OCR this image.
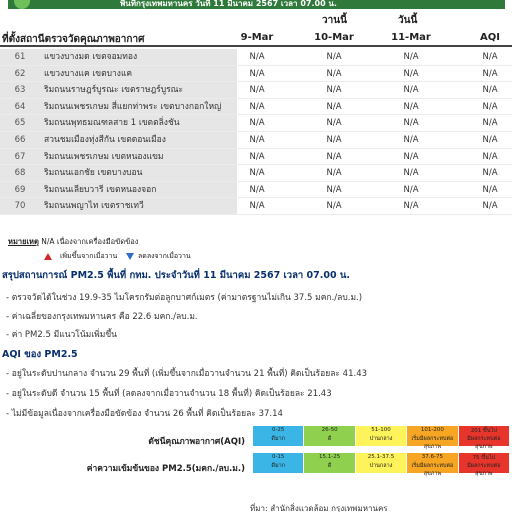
พื้นที่กรุงเทพมหานคร วันที่ 11 มีนาคม 2567 เวลา 07.00 น.
วานนี้	วันนี้
ที่ตั้งสถานีตรวจวัดคุณภาพอากาศ	9-Mar	10-Mar	11-Mar	AQI
61	แขวงบางมด เขตจอมทอง	N/A	N/A	N/A	N/A
62	แขวงบางแค เขตบางแค	N/A	N/A	N/A	N/A
63	ริมถนนราษฎร์บูรณะ เขตราษฎร์บูรณะ	N/A	N/A	N/A	N/A
64	ริมถนนเพชรเกษม สี่แยกท่าพระ เขตบางกอกใหญ่	N/A	N/A	N/A	N/A
65	ริมถนนพุทธมณฑลสาย 1 เขตตลิ่งชัน	N/A	N/A	N/A	N/A
66	สวนชมเมืองทุ่งสีกัน เขตดอนเมือง	N/A	N/A	N/A	N/A
67	ริมถนนเพชรเกษม เขตหนองแขม	N/A	N/A	N/A	N/A
68	ริมถนนเอกชัย เขตบางบอน	N/A	N/A	N/A	N/A
69	ริมถนนเลียบวารี เขตหนองจอก	N/A	N/A	N/A	N/A
70	ริมถนนพญาไท เขตราชเทวี	N/A	N/A	N/A	N/A
หมายเหตุ N/A เนื่องจากเครื่องมือขัดข้อง
เพิ่มขึ้นจากเมื่อวาน	ลดลงจากเมื่อวาน
สรุปสถานการณ์ PM2.5 พื้นที่ กทม. ประจำวันที่ 11 มีนาคม 2567 เวลา 07.00 น.
- ตรวจวัดได้ในช่วง 19.9-35 ไมโครกรัมต่อลูกบาศก์เมตร (ค่ามาตรฐานไม่เกิน 37.5 มคก./ลบ.ม.)
- ค่าเฉลี่ยของกรุงเทพมหานคร คือ 22.6 มคก./ลบ.ม.
- ค่า PM2.5 มีแนวโน้มเพิ่มขึ้น
AQI ของ PM2.5
- อยู่ในระดับปานกลาง จำนวน 29 พื้นที่ (เพิ่มขึ้นจากเมื่อวานจำนวน 21 พื้นที่) คิดเป็นร้อยละ 41.43
- อยู่ในระดับดี จำนวน 15 พื้นที่ (ลดลงจากเมื่อวานจำนวน 18 พื้นที่) คิดเป็นร้อยละ 21.43
- ไม่มีข้อมูลเนื่องจากเครื่องมือขัดข้อง จำนวน 26 พื้นที่ คิดเป็นร้อยละ 37.14
ดัชนีคุณภาพอากาศ(AQI)
0-25
ดีมาก
26-50
ดี
51-100
ปานกลาง
101-200
เริ่มมีผลกระทบต่อสุขภาพ
201 ขึ้นไป
มีผลกระทบต่อสุขภาพ
ค่าความเข้มข้นของ PM2.5(มคก./ลบ.ม.)
0-15
ดีมาก
15.1-25
ดี
25.1-37.5
ปานกลาง
37.6-75
เริ่มมีผลกระทบต่อสุขภาพ
75 ขึ้นไป
มีผลกระทบต่อสุขภาพ
ที่มา: สำนักสิ่งแวดล้อม กรุงเทพมหานคร
